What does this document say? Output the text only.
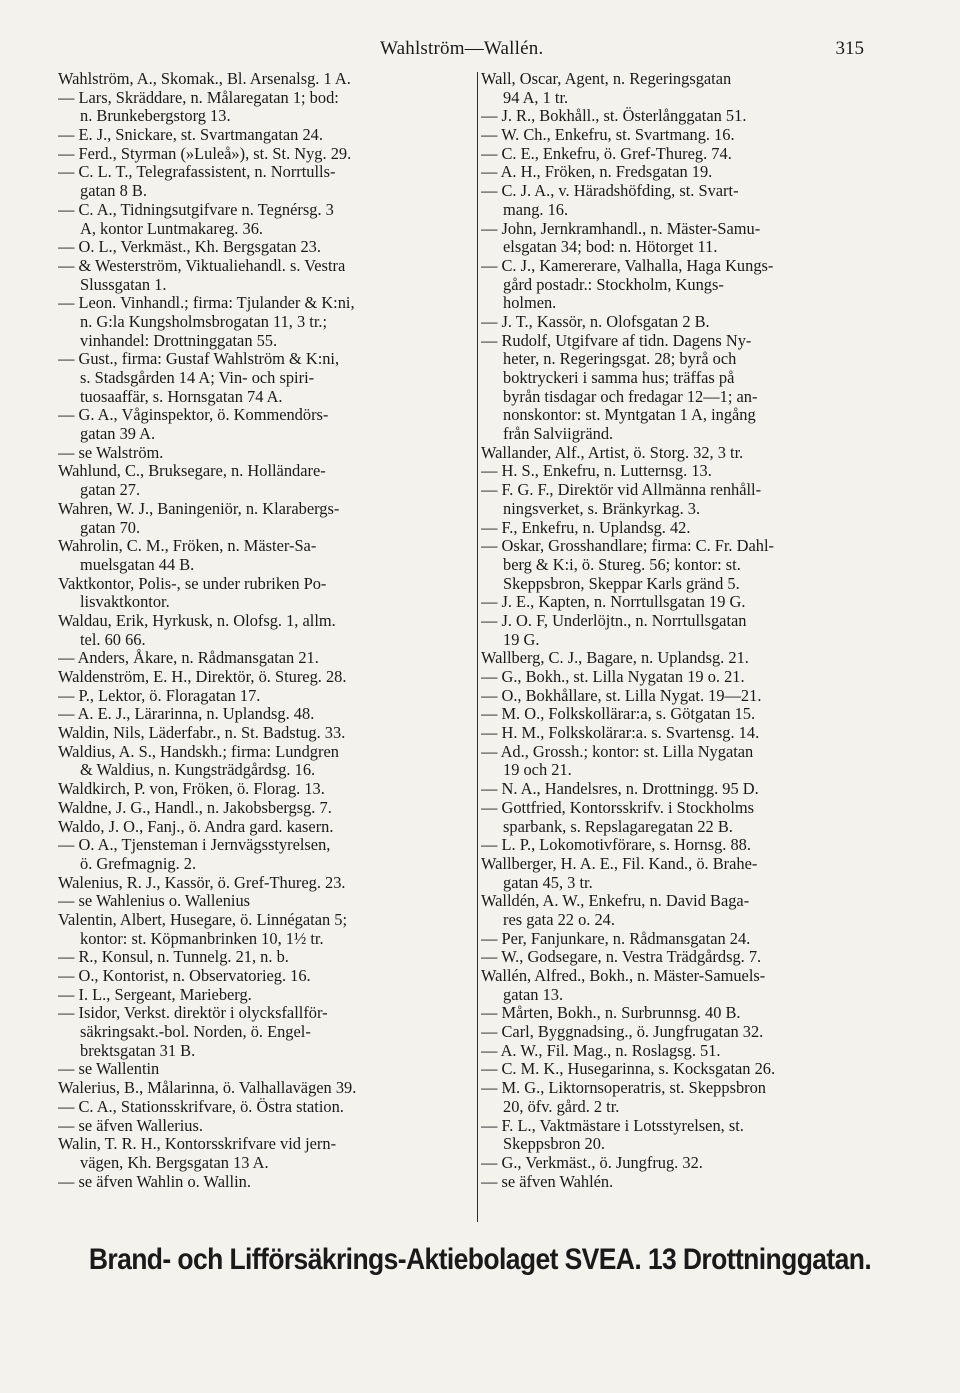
Wahlström—Wallén.	315
Wahlström, A., Skomak., Bl. Arsenalsg. 1 A.
— Lars, Skräddare, n. Målaregatan 1; bod:
n. Brunkebergstorg 13.
— E. J., Snickare, st. Svartmangatan 24.
— Ferd., Styrman (»Luleå»), st. St. Nyg. 29.
— C. L. T., Telegrafassistent, n. Norrtulls-
gatan 8 B.
— C. A., Tidningsutgifvare n. Tegnérsg. 3
A, kontor Luntmakareg. 36.
— O. L., Verkmäst., Kh. Bergsgatan 23.
— & Westerström, Viktualiehandl. s. Vestra
Slussgatan 1.
— Leon. Vinhandl.; firma: Tjulander & K:ni,
n. G:la Kungsholmsbrogatan 11, 3 tr.;
vinhandel: Drottninggatan 55.
— Gust., firma: Gustaf Wahlström & K:ni,
s. Stadsgården 14 A; Vin- och spiri-
tuosaaffär, s. Hornsgatan 74 A.
— G. A., Våginspektor, ö. Kommendörs-
gatan 39 A.
— se Walström.
Wahlund, C., Bruksegare, n. Holländare-
gatan 27.
Wahren, W. J., Baningeniör, n. Klarabergs-
gatan 70.
Wahrolin, C. M., Fröken, n. Mäster-Sa-
muelsgatan 44 B.
Vaktkontor, Polis-, se under rubriken Po-
lisvaktkontor.
Waldau, Erik, Hyrkusk, n. Olofsg. 1, allm.
tel. 60 66.
— Anders, Åkare, n. Rådmansgatan 21.
Waldenström, E. H., Direktör, ö. Stureg. 28.
— P., Lektor, ö. Floragatan 17.
— A. E. J., Lärarinna, n. Uplandsg. 48.
Waldin, Nils, Läderfabr., n. St. Badstug. 33.
Waldius, A. S., Handskh.; firma: Lundgren
& Waldius, n. Kungsträdgårdsg. 16.
Waldkirch, P. von, Fröken, ö. Florag. 13.
Waldne, J. G., Handl., n. Jakobsbergsg. 7.
Waldo, J. O., Fanj., ö. Andra gard. kasern.
— O. A., Tjensteman i Jernvägsstyrelsen,
ö. Grefmagnig. 2.
Walenius, R. J., Kassör, ö. Gref-Thureg. 23.
— se Wahlenius o. Wallenius
Valentin, Albert, Husegare, ö. Linnégatan 5;
kontor: st. Köpmanbrinken 10, 1½ tr.
— R., Konsul, n. Tunnelg. 21, n. b.
— O., Kontorist, n. Observatorieg. 16.
— I. L., Sergeant, Marieberg.
— Isidor, Verkst. direktör i olycksfallför-
säkringsakt.-bol. Norden, ö. Engel-
brektsgatan 31 B.
— se Wallentin
Walerius, B., Målarinna, ö. Valhallavägen 39.
— C. A., Stationsskrifvare, ö. Östra station.
— se äfven Wallerius.
Walin, T. R. H., Kontorsskrifvare vid jern-
vägen, Kh. Bergsgatan 13 A.
— se äfven Wahlin o. Wallin.
Wall, Oscar, Agent, n. Regeringsgatan
94 A, 1 tr.
— J. R., Bokhåll., st. Österlånggatan 51.
— W. Ch., Enkefru, st. Svartmang. 16.
— C. E., Enkefru, ö. Gref-Thureg. 74.
— A. H., Fröken, n. Fredsgatan 19.
— C. J. A., v. Häradshöfding, st. Svart-
mang. 16.
— John, Jernkramhandl., n. Mäster-Samu-
elsgatan 34; bod: n. Hötorget 11.
— C. J., Kamererare, Valhalla, Haga Kungs-
gård postadr.: Stockholm, Kungs-
holmen.
— J. T., Kassör, n. Olofsgatan 2 B.
— Rudolf, Utgifvare af tidn. Dagens Ny-
heter, n. Regeringsgat. 28; byrå och
boktryckeri i samma hus; träffas på
byrån tisdagar och fredagar 12—1; an-
nonskontor: st. Myntgatan 1 A, ingång
från Salviigränd.
Wallander, Alf., Artist, ö. Storg. 32, 3 tr.
— H. S., Enkefru, n. Lutternsg. 13.
— F. G. F., Direktör vid Allmänna renhåll-
ningsverket, s. Bränkyrkag. 3.
— F., Enkefru, n. Uplandsg. 42.
— Oskar, Grosshandlare; firma: C. Fr. Dahl-
berg & K:i, ö. Stureg. 56; kontor: st.
Skeppsbron, Skeppar Karls gränd 5.
— J. E., Kapten, n. Norrtullsgatan 19 G.
— J. O. F, Underlöjtn., n. Norrtullsgatan
19 G.
Wallberg, C. J., Bagare, n. Uplandsg. 21.
— G., Bokh., st. Lilla Nygatan 19 o. 21.
— O., Bokhållare, st. Lilla Nygat. 19—21.
— M. O., Folkskollärar:a, s. Götgatan 15.
— H. M., Folkskolärar:a. s. Svartensg. 14.
— Ad., Grossh.; kontor: st. Lilla Nygatan
19 och 21.
— N. A., Handelsres, n. Drottningg. 95 D.
— Gottfried, Kontorsskrifv. i Stockholms
sparbank, s. Repslagaregatan 22 B.
— L. P., Lokomotivförare, s. Hornsg. 88.
Wallberger, H. A. E., Fil. Kand., ö. Brahe-
gatan 45, 3 tr.
Walldén, A. W., Enkefru, n. David Baga-
res gata 22 o. 24.
— Per, Fanjunkare, n. Rådmansgatan 24.
— W., Godsegare, n. Vestra Trädgårdsg. 7.
Wallén, Alfred., Bokh., n. Mäster-Samuels-
gatan 13.
— Mårten, Bokh., n. Surbrunnsg. 40 B.
— Carl, Byggnadsing., ö. Jungfrugatan 32.
— A. W., Fil. Mag., n. Roslagsg. 51.
— C. M. K., Husegarinna, s. Kocksgatan 26.
— M. G., Liktornsoperatris, st. Skeppsbron
20, öfv. gård. 2 tr.
— F. L., Vaktmästare i Lotsstyrelsen, st.
Skeppsbron 20.
— G., Verkmäst., ö. Jungfrug. 32.
— se äfven Wahlén.
Brand- och Lifförsäkrings-Aktiebolaget SVEA. 13 Drottninggatan.
